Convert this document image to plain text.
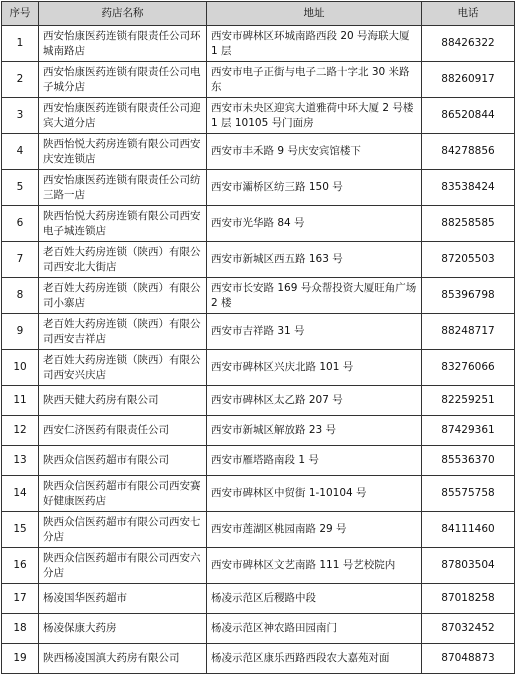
序号	药店名称	地址	电话
1	西安怡康医药连锁有限责任公司环城南路店	西安市碑林区环城南路西段 20 号海联大厦 1 层	88426322
2	西安怡康医药连锁有限责任公司电子城分店	西安市电子正街与电子二路十字北 30 米路东	88260917
3	西安怡康医药连锁有限责任公司迎宾大道分店	西安市未央区迎宾大道雅荷中环大厦 2 号楼 1 层 10105 号门面房	86520844
4	陕西怡悦大药房连锁有限公司西安庆安连锁店	西安市丰禾路 9 号庆安宾馆楼下	84278856
5	西安怡康医药连锁有限责任公司纺三路一店	西安市灞桥区纺三路 150 号	83538424
6	陕西怡悦大药房连锁有限公司西安电子城连锁店	西安市光华路 84 号	88258585
7	老百姓大药房连锁（陕西）有限公司西安北大街店	西安市新城区西五路 163 号	87205503
8	老百姓大药房连锁（陕西）有限公司小寨店	西安市长安路 169 号众帮投资大厦旺角广场 2 楼	85396798
9	老百姓大药房连锁（陕西）有限公司西安吉祥店	西安市吉祥路 31 号	88248717
10	老百姓大药房连锁（陕西）有限公司西安兴庆店	西安市碑林区兴庆北路 101 号	83276066
11	陕西天健大药房有限公司	西安市碑林区太乙路 207 号	82259251
12	西安仁济医药有限责任公司	西安市新城区解放路 23 号	87429361
13	陕西众信医药超市有限公司	西安市雁塔路南段 1 号	85536370
14	陕西众信医药超市有限公司西安赛好健康医药店	西安市碑林区中贸街 1-10104 号	85575758
15	陕西众信医药超市有限公司西安七分店	西安市莲湖区桃园南路 29 号	84111460
16	陕西众信医药超市有限公司西安六分店	西安市碑林区文艺南路 111 号艺校院内	87803504
17	杨凌国华医药超市	杨凌示范区后稷路中段	87018258
18	杨凌保康大药房	杨凌示范区神农路田园南门	87032452
19	陕西杨凌国滇大药房有限公司	杨凌示范区康乐西路西段农大嘉苑对面	87048873
